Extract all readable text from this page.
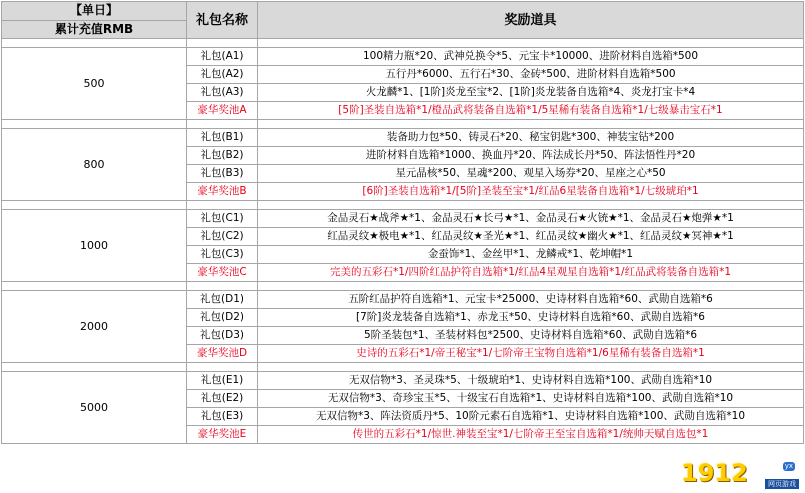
【单日】	礼包名称	奖励道具
累计充值RMB		

500	礼包(A1)	100精力瓶*20、武神兑换令*5、元宝卡*10000、进阶材料自选箱*500
	礼包(A2)	五行丹*6000、五行石*30、金砖*500、进阶材料自选箱*500
	礼包(A3)	火龙麟*1、[1阶]炎龙至宝*2、[1阶]炎龙装备自选箱*4、炎龙打宝卡*4
	豪华奖池A	[5阶]圣装自选箱*1/橙品武将装备自选箱*1/5星稀有装备自选箱*1/七级暴击宝石*1

800	礼包(B1)	装备助力包*50、铸灵石*20、秘宝钥匙*300、神装宝钻*200
	礼包(B2)	进阶材料自选箱*1000、换血丹*20、阵法成长丹*50、阵法悟性丹*20
	礼包(B3)	星元晶核*50、星魂*200、观星入场券*20、星座之心*50
	豪华奖池B	[6阶]圣装自选箱*1/[5阶]圣装至宝*1/红品6星装备自选箱*1/七级琥珀*1

1000	礼包(C1)	金品灵石★战斧★*1、金品灵石★长弓★*1、金品灵石★火铳★*1、金品灵石★炮弹★*1
	礼包(C2)	红品灵纹★极电★*1、红品灵纹★圣光★*1、红品灵纹★幽火★*1、红品灵纹★冥神★*1
	礼包(C3)	金蚕饰*1、金丝甲*1、龙鳞戒*1、乾坤帽*1
	豪华奖池C	完美的五彩石*1/四阶红品护符自选箱*1/红品4星观星自选箱*1/红品武将装备自选箱*1

2000	礼包(D1)	五阶红品护符自选箱*1、元宝卡*25000、史诗材料自选箱*60、武勋自选箱*6
	礼包(D2)	[7阶]炎龙装备自选箱*1、赤龙玉*50、史诗材料自选箱*60、武勋自选箱*6
	礼包(D3)	5阶圣装包*1、圣装材料包*2500、史诗材料自选箱*60、武勋自选箱*6
	豪华奖池D	史诗的五彩石*1/帝王秘宝*1/七阶帝王宝物自选箱*1/6星稀有装备自选箱*1

5000	礼包(E1)	无双信物*3、圣灵珠*5、十级琥珀*1、史诗材料自选箱*100、武勋自选箱*10
	礼包(E2)	无双信物*3、奇珍宝玉*5、十级宝石自选箱*1、史诗材料自选箱*100、武勋自选箱*10
	礼包(E3)	无双信物*3、阵法资质丹*5、10阶元素石自选箱*1、史诗材料自选箱*100、武勋自选箱*10
	豪华奖池E	传世的五彩石*1/惊世.神装至宝*1/七阶帝王至宝自选箱*1/统帅天赋自选包*1
1912	yx
网页游戏
